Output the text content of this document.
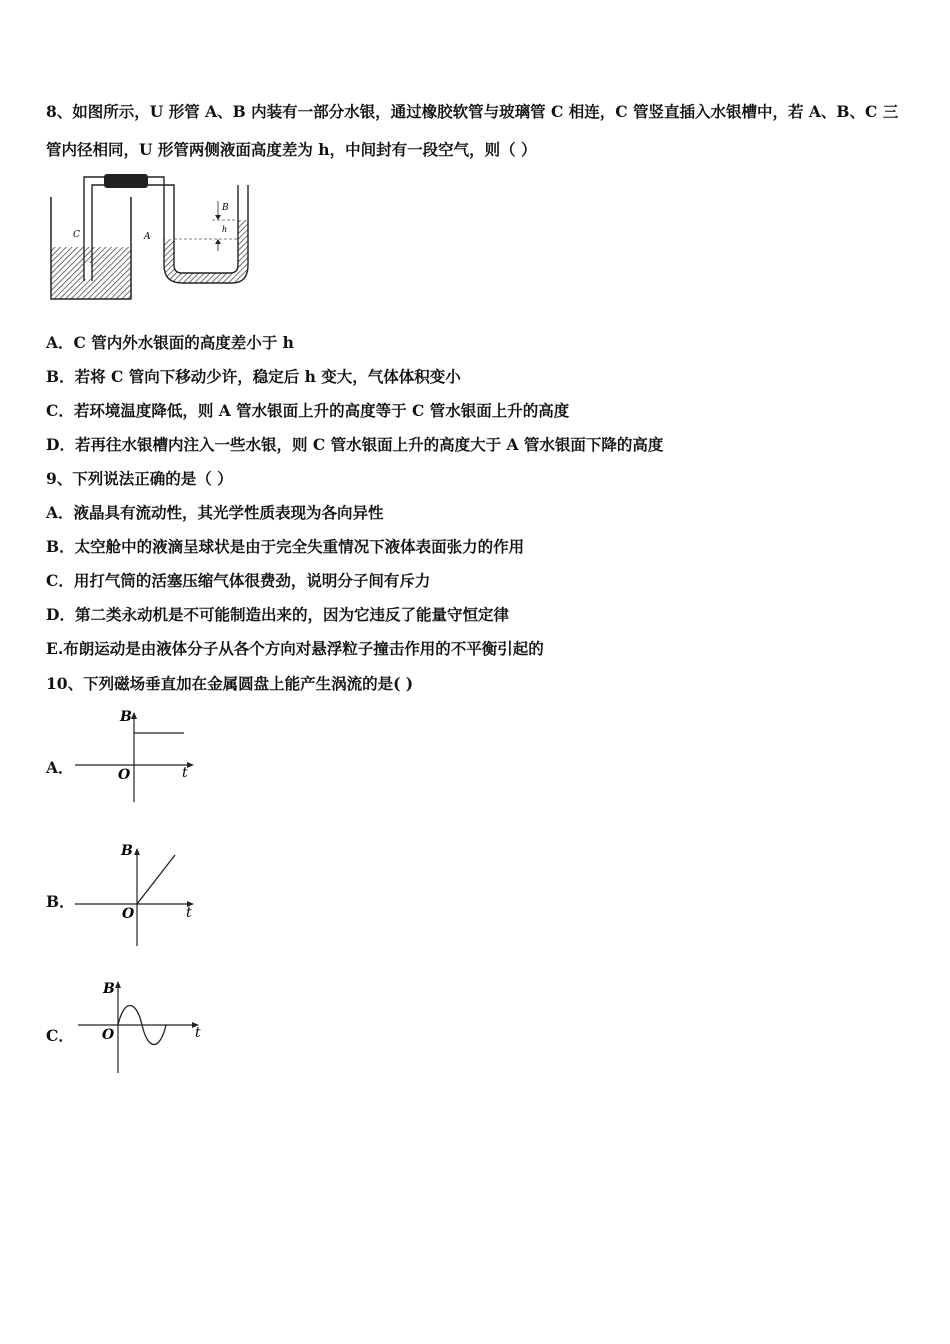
8、如图所示，U 形管 A、B 内装有一部分水银，通过橡胶软管与玻璃管 C 相连，C 管竖直插入水银槽中，若 A、B、C 三
管内径相同，U 形管两侧液面高度差为 h，中间封有一段空气，则（ ）
C	A
B
h
A．C 管内外水银面的高度差小于 h
B．若将 C 管向下移动少许，稳定后 h 变大，气体体积变小
C．若环境温度降低，则 A 管水银面上升的高度等于 C 管水银面上升的高度
D．若再往水银槽内注入一些水银，则 C 管水银面上升的高度大于 A 管水银面下降的高度
9、下列说法正确的是（ ）
A．液晶具有流动性，其光学性质表现为各向异性
B．太空舱中的液滴呈球状是由于完全失重情况下液体表面张力的作用
C．用打气筒的活塞压缩气体很费劲，说明分子间有斥力
D．第二类永动机是不可能制造出来的，因为它违反了能量守恒定律
E.布朗运动是由液体分子从各个方向对悬浮粒子撞击作用的不平衡引起的
10、下列磁场垂直加在金属圆盘上能产生涡流的是( )
A．
B
O	t
B．
B
O	t
C．
B
O	t
